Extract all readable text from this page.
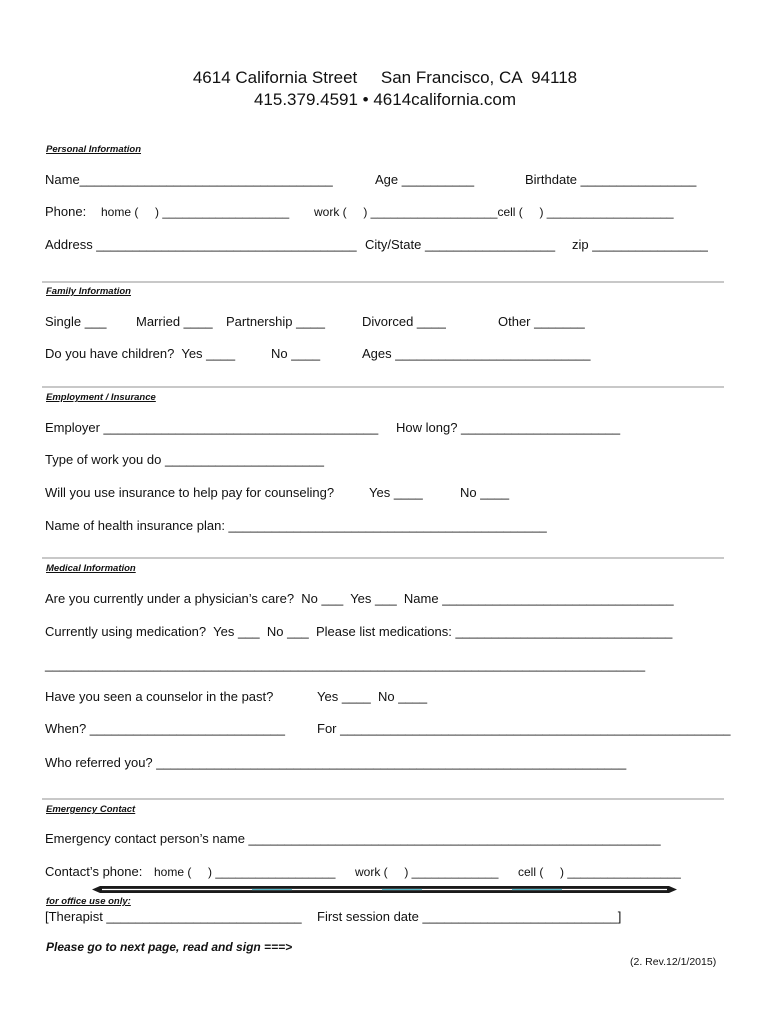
4614 California Street     San Francisco, CA  94118
415.379.4591 • 4614california.com
Personal Information
Name___________________________________	Age __________	Birthdate ________________
Phone: home (     ) ___________________ work (     ) ___________________cell (     ) ___________________
Address ____________________________________ City/State __________________ zip ________________
Family Information
Single ___ Married ____ Partnership ____	Divorced ____	Other _______
Do you have children?  Yes ____	No ____	Ages ___________________________
Employment / Insurance
Employer ______________________________________ How long? ______________________
Type of work you do ______________________
Will you use insurance to help pay for counseling?	Yes ____	No ____
Name of health insurance plan: ____________________________________________
Medical Information
Are you currently under a physician’s care?  No ___  Yes ___  Name ________________________________
Currently using medication?  Yes ___  No ___  Please list medications: ______________________________
___________________________________________________________________________________
Have you seen a counselor in the past?	Yes ____  No ____
When? ___________________________ For ______________________________________________________
Who referred you? _________________________________________________________________
Emergency Contact
Emergency contact person’s name _________________________________________________________
Contact’s phone: home (     ) __________________ work (     ) _____________ cell (     ) _________________
for office use only:
[Therapist ___________________________ First session date ___________________________]
Please go to next page, read and sign ===>
(2. Rev.12/1/2015)
